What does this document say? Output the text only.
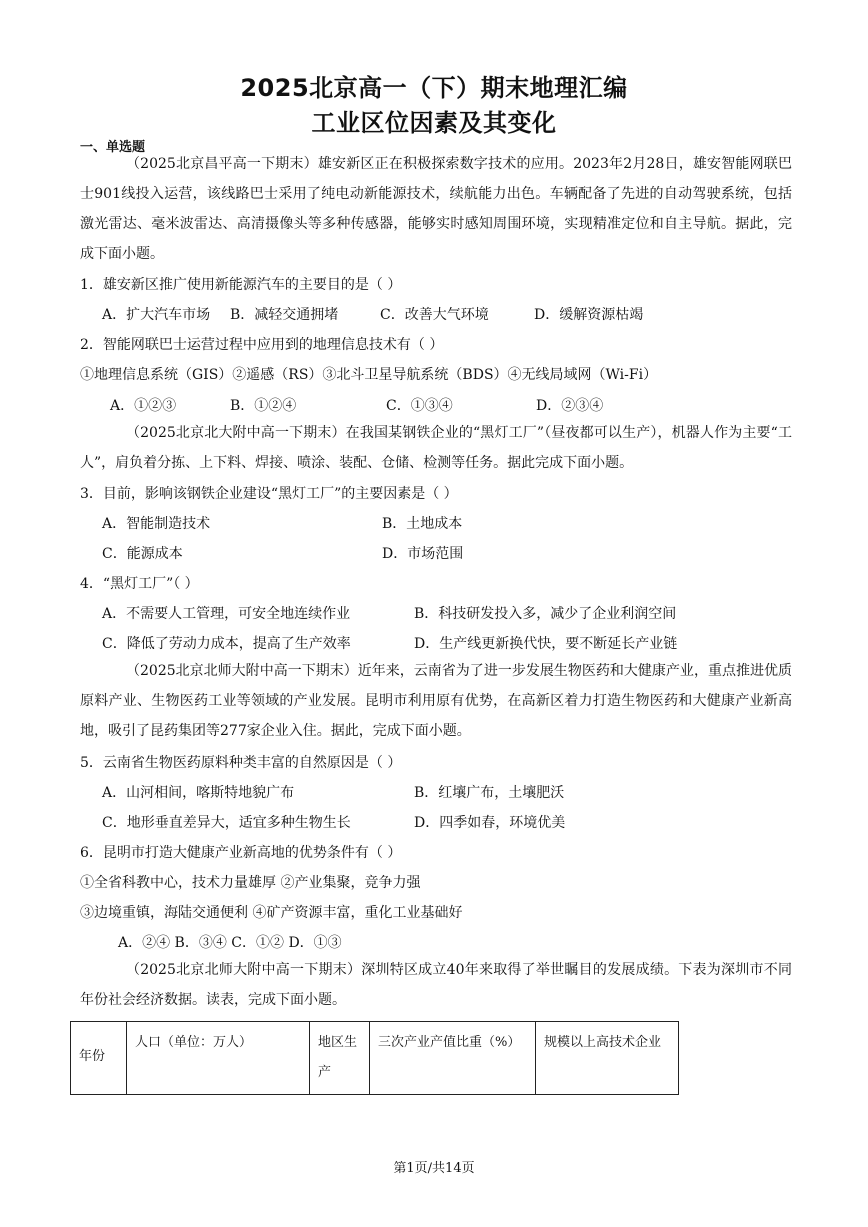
2025北京高一（下）期末地理汇编
工业区位因素及其变化
一、单选题
（2025北京昌平高一下期末）雄安新区正在积极探索数字技术的应用。2023年2月28日，雄安智能网联巴士901线投入运营，该线路巴士采用了纯电动新能源技术，续航能力出色。车辆配备了先进的自动驾驶系统，包括激光雷达、毫米波雷达、高清摄像头等多种传感器，能够实时感知周围环境，实现精准定位和自主导航。据此，完成下面小题。
1．雄安新区推广使用新能源汽车的主要目的是（ ）
A．扩大汽车市场 B．减轻交通拥堵	C．改善大气环境	D．缓解资源枯竭
2．智能网联巴士运营过程中应用到的地理信息技术有（ ）
①地理信息系统（GIS）②遥感（RS）③北斗卫星导航系统（BDS）④无线局域网（Wi-Fi）
A．①②③	B．①②④	C．①③④	D．②③④
（2025北京北大附中高一下期末）在我国某钢铁企业的“黑灯工厂”（昼夜都可以生产），机器人作为主要“工人”，肩负着分拣、上下料、焊接、喷涂、装配、仓储、检测等任务。据此完成下面小题。
3．目前，影响该钢铁企业建设“黑灯工厂”的主要因素是（ ）
A．智能制造技术	B．土地成本
C．能源成本	D．市场范围
4．“黑灯工厂”（ ）
A．不需要人工管理，可安全地连续作业	B．科技研发投入多，减少了企业利润空间
C．降低了劳动力成本，提高了生产效率	D．生产线更新换代快，要不断延长产业链
（2025北京北师大附中高一下期末）近年来，云南省为了进一步发展生物医药和大健康产业，重点推进优质原料产业、生物医药工业等领域的产业发展。昆明市利用原有优势，在高新区着力打造生物医药和大健康产业新高地，吸引了昆药集团等277家企业入住。据此，完成下面小题。
5．云南省生物医药原料种类丰富的自然原因是（ ）
A．山河相间，喀斯特地貌广布	B．红壤广布，土壤肥沃
C．地形垂直差异大，适宜多种生物生长	D．四季如春，环境优美
6．昆明市打造大健康产业新高地的优势条件有（ ）
①全省科教中心，技术力量雄厚 ②产业集聚，竞争力强
③边境重镇，海陆交通便利 ④矿产资源丰富，重化工业基础好
A．②④ B．③④ C．①② D．①③
（2025北京北师大附中高一下期末）深圳特区成立40年来取得了举世瞩目的发展成绩。下表为深圳市不同年份社会经济数据。读表，完成下面小题。
年份	人口（单位：万人）	地区生产	三次产业产值比重（%）	规模以上高技术企业
第1页/共14页
